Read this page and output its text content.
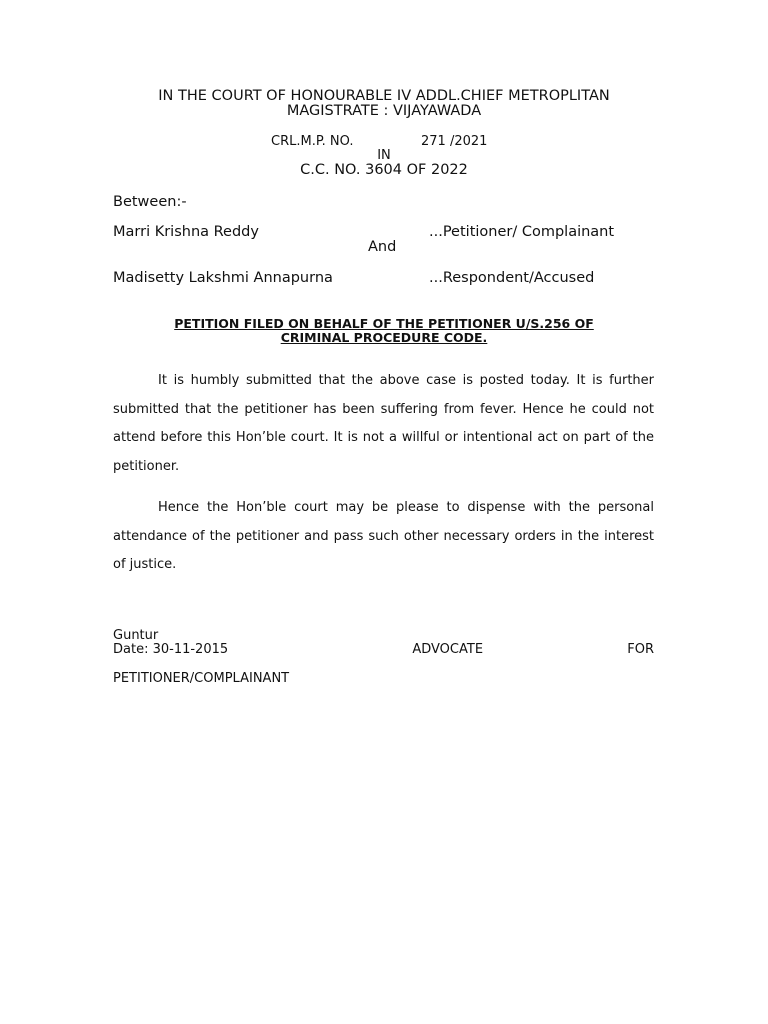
IN THE COURT OF HONOURABLE IV ADDL.CHIEF METROPLITAN
MAGISTRATE : VIJAYAWADA
CRL.M.P. NO.	271 /2021
IN
C.C. NO. 3604 OF 2022
Between:-
Marri Krishna Reddy	...Petitioner/ Complainant
And
Madisetty Lakshmi Annapurna	...Respondent/Accused
PETITION FILED ON BEHALF OF THE PETITIONER U/S.256 OF
CRIMINAL PROCEDURE CODE.
It is humbly submitted that the above case is posted today. It is further submitted that the petitioner has been suffering from fever. Hence he could not attend before this Hon’ble court. It is not a willful or intentional act on part of the petitioner.
Hence the Hon’ble court may be please to dispense with the personal attendance of the petitioner and pass such other necessary orders in the interest of justice.
Guntur
Date: 30-11-2015	ADVOCATE	FOR
PETITIONER/COMPLAINANT
